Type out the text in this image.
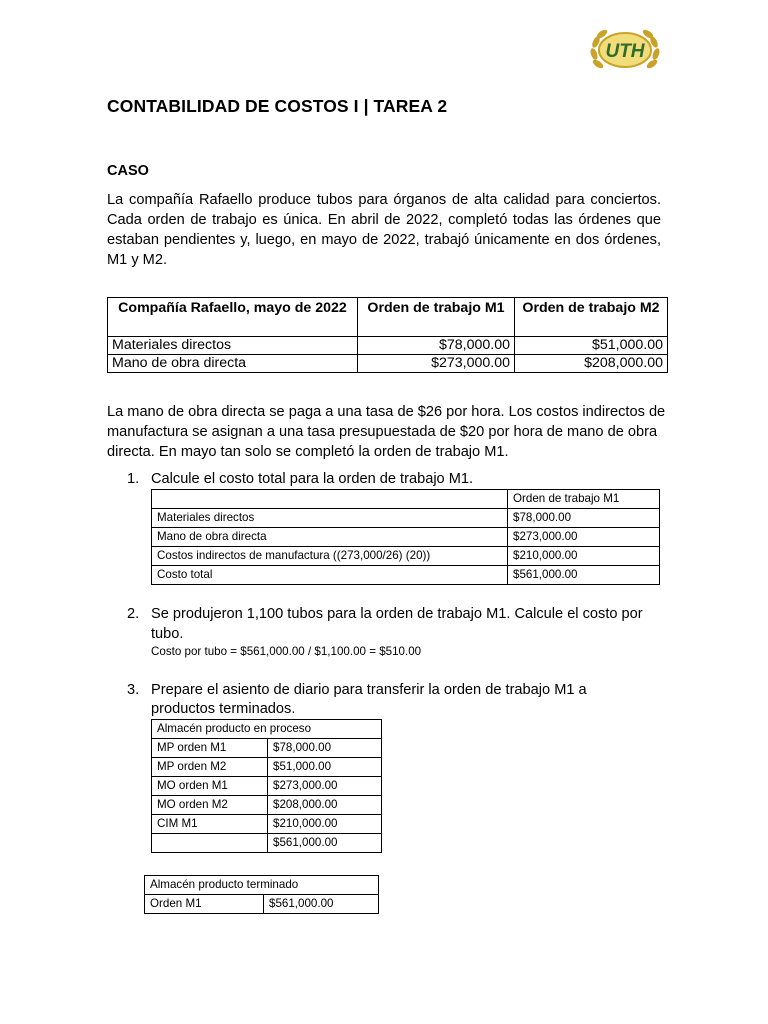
UTH
CONTABILIDAD DE COSTOS I | TAREA 2
CASO

La compañía Rafaello produce tubos para órganos de alta calidad para conciertos. Cada orden de trabajo es única. En abril de 2022, completó todas las órdenes que estaban pendientes y, luego, en mayo de 2022, trabajó únicamente en dos órdenes, M1 y M2.

Compañía Rafaello, mayo de 2022	Orden de trabajo M1	Orden de trabajo M2
Materiales directos	$78,000.00	$51,000.00
Mano de obra directa	$273,000.00	$208,000.00

La mano de obra directa se paga a una tasa de $26 por hora. Los costos indirectos de manufactura se asignan a una tasa presupuestada de $20 por hora de mano de obra directa. En mayo tan solo se completó la orden de trabajo M1.

1. Calcule el costo total para la orden de trabajo M1.
	Orden de trabajo M1
Materiales directos	$78,000.00
Mano de obra directa	$273,000.00
Costos indirectos de manufactura ((273,000/26) (20))	$210,000.00
Costo total	$561,000.00
2. Se produjeron 1,100 tubos para la orden de trabajo M1. Calcule el costo por
tubo.
Costo por tubo = $561,000.00 / $1,100.00 = $510.00
3. Prepare el asiento de diario para transferir la orden de trabajo M1 a
productos terminados.
Almacén producto en proceso	
MP orden M1	$78,000.00
MP orden M2	$51,000.00
MO orden M1	$273,000.00
MO orden M2	$208,000.00
CIM M1	$210,000.00
	$561,000.00
Almacén producto terminado
Orden M1	$561,000.00
